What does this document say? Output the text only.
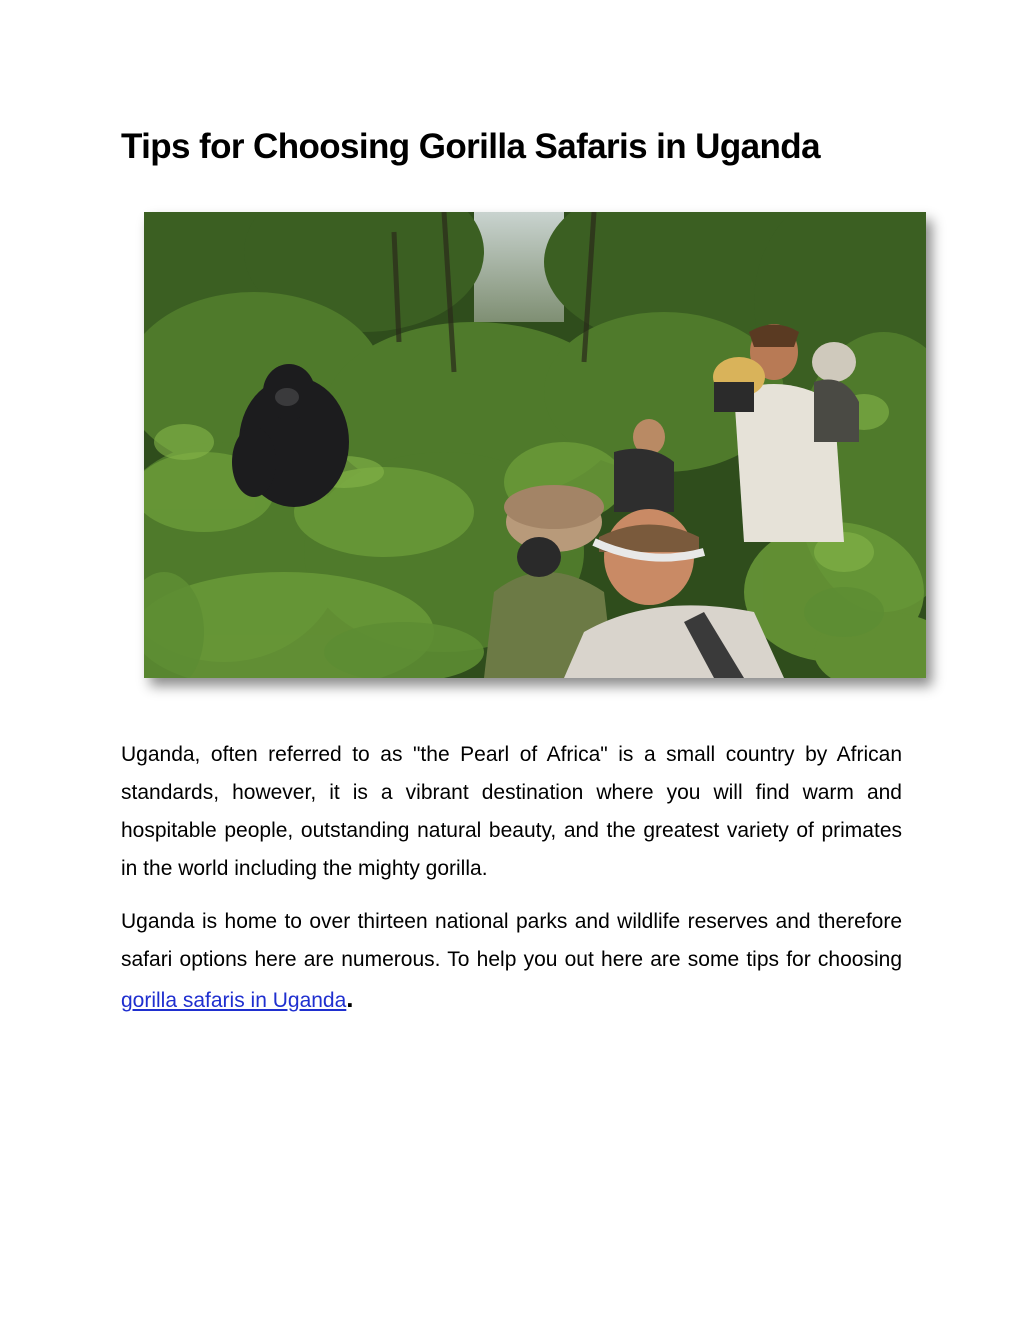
Tips for Choosing Gorilla Safaris in Uganda

Uganda, often referred to as "the Pearl of Africa" is a small country by African standards, however, it is a vibrant destination where you will find warm and hospitable people, outstanding natural beauty, and the greatest variety of primates in the world including the mighty gorilla.

Uganda is home to over thirteen national parks and wildlife reserves and therefore safari options here are numerous. To help you out here are some tips for choosing gorilla safaris in Uganda.
